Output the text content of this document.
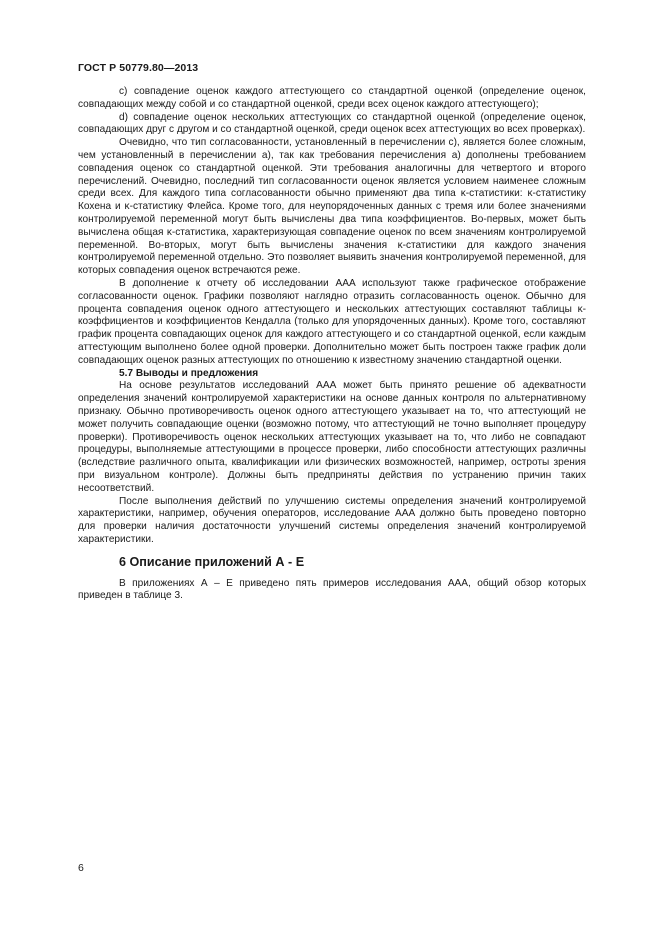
ГОСТ Р 50779.80—2013

с) совпадение оценок каждого аттестующего со стандартной оценкой (определение оценок, совпадающих между собой и со стандартной оценкой, среди всех оценок каждого аттестующего);

d) совпадение оценок нескольких аттестующих со стандартной оценкой (определение оценок, совпадающих друг с другом и со стандартной оценкой, среди оценок всех аттестующих во всех проверках).

Очевидно, что тип согласованности, установленный в перечислении с), является более сложным, чем установленный в перечислении а), так как требования перечисления а) дополнены требованием совпадения оценок со стандартной оценкой. Эти требования аналогичны для четвертого и второго перечислений. Очевидно, последний тип согласованности оценок является условием наименее сложным среди всех. Для каждого типа согласованности обычно применяют два типа κ-статистики: κ-статистику Кохена и κ-статистику Флейса. Кроме того, для неупорядоченных данных с тремя или более значениями контролируемой переменной могут быть вычислены два типа коэффициентов. Во-первых, может быть вычислена общая κ-статистика, характеризующая совпадение оценок по всем значениям контролируемой переменной. Во-вторых, могут быть вычислены значения κ-статистики для каждого значения контролируемой переменной отдельно. Это позволяет выявить значения контролируемой переменной, для которых совпадения оценок встречаются реже.

В дополнение к отчету об исследовании AAA используют также графическое отображение согласованности оценок. Графики позволяют наглядно отразить согласованность оценок. Обычно для процента совпадения оценок одного аттестующего и нескольких аттестующих составляют таблицы κ-коэффициентов и коэффициентов Кендалла (только для упорядоченных данных). Кроме того, составляют график процента совпадающих оценок для каждого аттестующего и со стандартной оценкой, если каждым аттестующим выполнено более одной проверки. Дополнительно может быть построен также график доли совпадающих оценок разных аттестующих по отношению к известному значению стандартной оценки.

5.7 Выводы и предложения

На основе результатов исследований AAA может быть принято решение об адекватности определения значений контролируемой характеристики на основе данных контроля по альтернативному признаку. Обычно противоречивость оценок одного аттестующего указывает на то, что аттестующий не может получить совпадающие оценки (возможно потому, что аттестующий не точно выполняет процедуру проверки). Противоречивость оценок нескольких аттестующих указывает на то, что либо не совпадают процедуры, выполняемые аттестующими в процессе проверки, либо способности аттестующих различны (вследствие различного опыта, квалификации или физических возможностей, например, остроты зрения при визуальном контроле). Должны быть предприняты действия по устранению причин таких несоответствий.

После выполнения действий по улучшению системы определения значений контролируемой характеристики, например, обучения операторов, исследование AAA должно быть проведено повторно для проверки наличия достаточности улучшений системы определения значений контролируемой характеристики.

6 Описание приложений А - Е

В приложениях А – Е приведено пять примеров исследования AAA, общий обзор которых приведен в таблице 3.

6
